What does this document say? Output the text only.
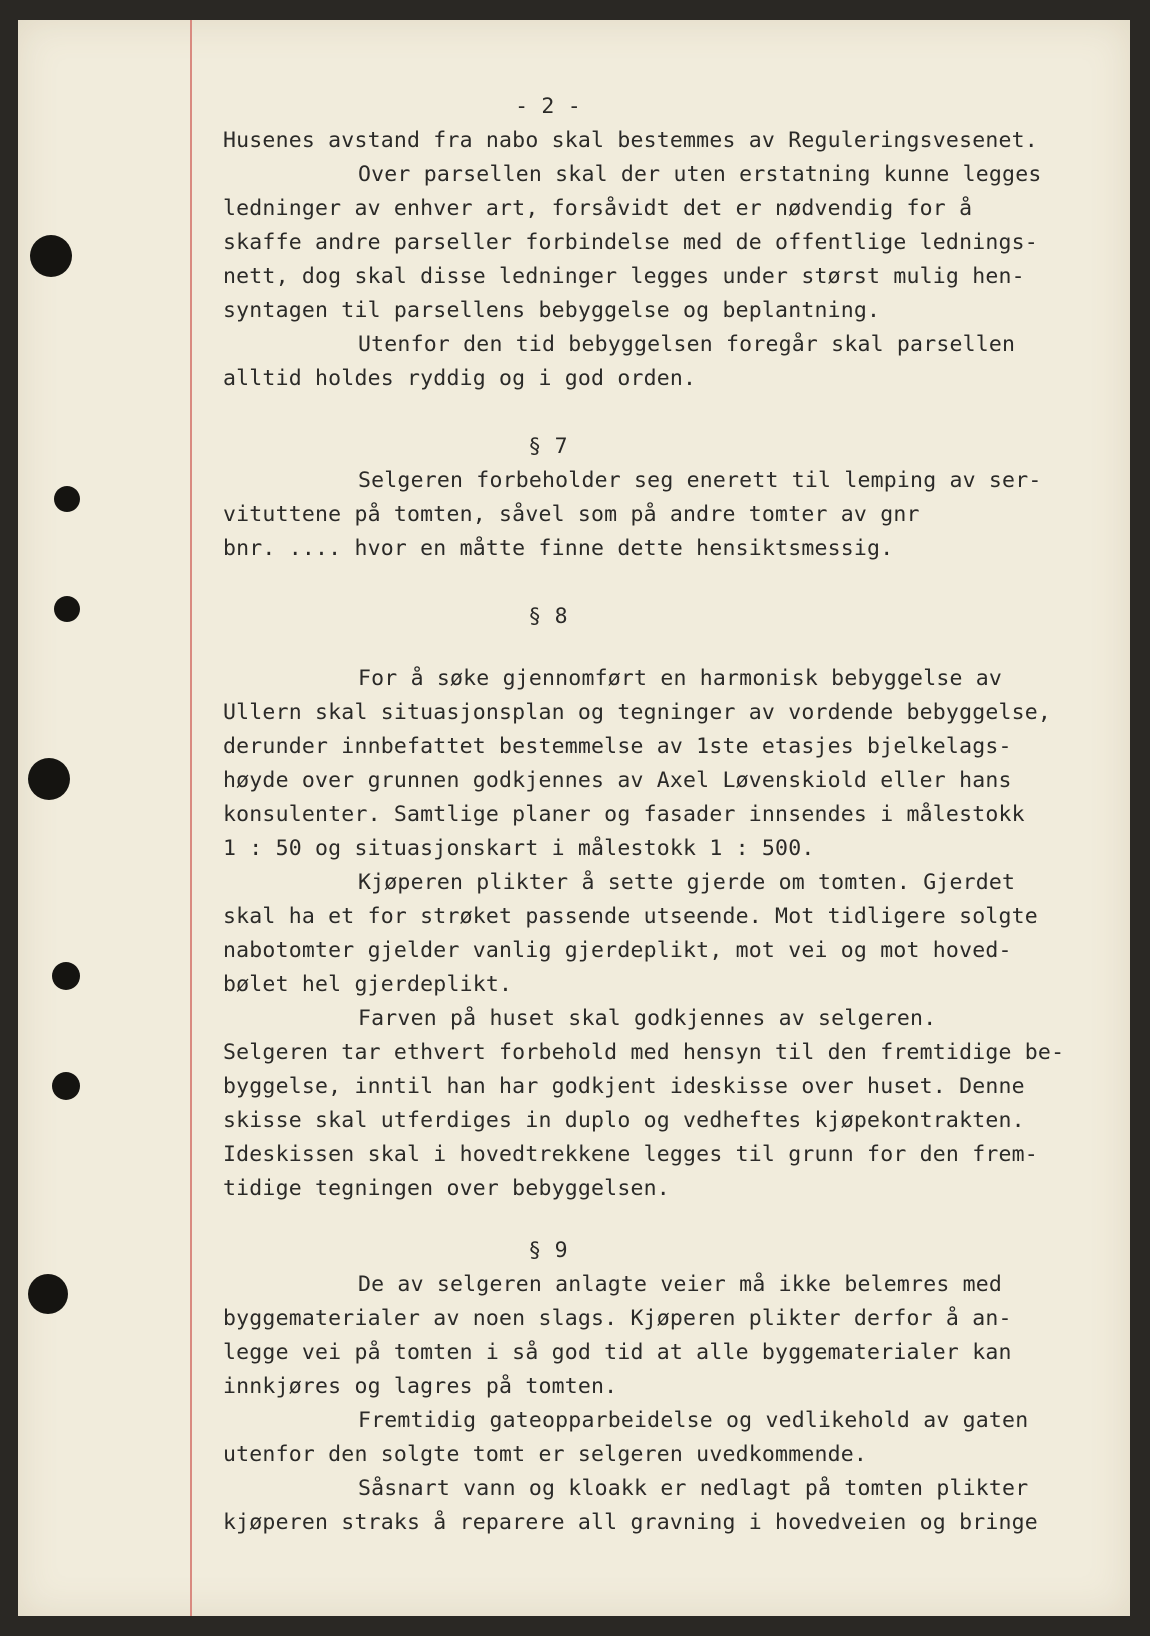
- 2 -
Husenes avstand fra nabo skal bestemmes av Reguleringsvesenet.
Over parsellen skal der uten erstatning kunne legges
ledninger av enhver art, forsåvidt det er nødvendig for å
skaffe andre parseller forbindelse med de offentlige lednings-
nett, dog skal disse ledninger legges under størst mulig hen-
syntagen til parsellens bebyggelse og beplantning.
Utenfor den tid bebyggelsen foregår skal parsellen
alltid holdes ryddig og i god orden.
§ 7
Selgeren forbeholder seg enerett til lemping av ser-
vituttene på tomten, såvel som på andre tomter av gnr
bnr. .... hvor en måtte finne dette hensiktsmessig.
§ 8
For å søke gjennomført en harmonisk bebyggelse av
Ullern skal situasjonsplan og tegninger av vordende bebyggelse,
derunder innbefattet bestemmelse av 1ste etasjes bjelkelags-
høyde over grunnen godkjennes av Axel Løvenskiold eller hans
konsulenter. Samtlige planer og fasader innsendes i målestokk
1 : 50 og situasjonskart i målestokk 1 : 500.
Kjøperen plikter å sette gjerde om tomten. Gjerdet
skal ha et for strøket passende utseende. Mot tidligere solgte
nabotomter gjelder vanlig gjerdeplikt, mot vei og mot hoved-
bølet hel gjerdeplikt.
Farven på huset skal godkjennes av selgeren.
Selgeren tar ethvert forbehold med hensyn til den fremtidige be-
byggelse, inntil han har godkjent ideskisse over huset. Denne
skisse skal utferdiges in duplo og vedheftes kjøpekontrakten.
Ideskissen skal i hovedtrekkene legges til grunn for den frem-
tidige tegningen over bebyggelsen.
§ 9
De av selgeren anlagte veier må ikke belemres med
byggematerialer av noen slags. Kjøperen plikter derfor å an-
legge vei på tomten i så god tid at alle byggematerialer kan
innkjøres og lagres på tomten.
Fremtidig gateopparbeidelse og vedlikehold av gaten
utenfor den solgte tomt er selgeren uvedkommende.
Såsnart vann og kloakk er nedlagt på tomten plikter
kjøperen straks å reparere all gravning i hovedveien og bringe
